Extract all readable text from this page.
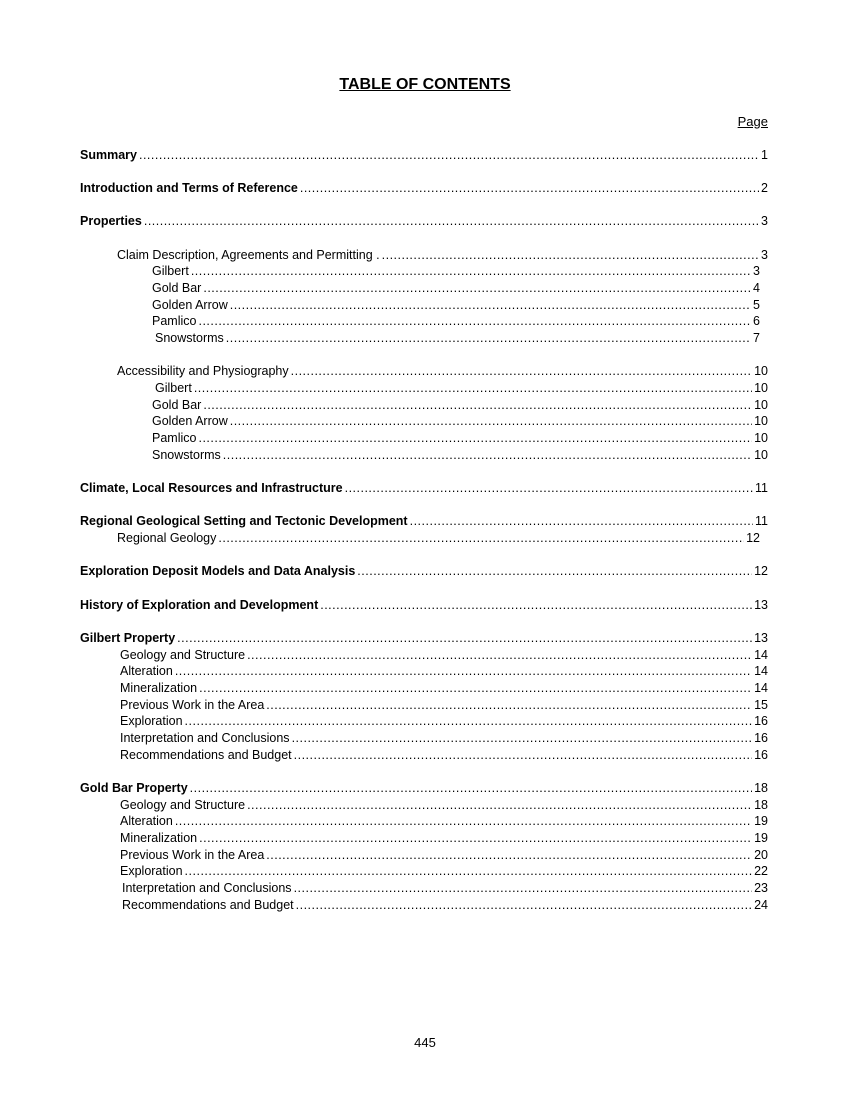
TABLE OF CONTENTS
Page
Summary .....	1
Introduction and Terms of Reference .....	2
Properties .....	3
Claim Description, Agreements and Permitting . .....	3
Gilbert .....	3
Gold Bar .....	4
Golden Arrow .....	5
Pamlico .....	6
Snowstorms .....	7
Accessibility and Physiography .....	10
Gilbert .....	10
Gold Bar .....	10
Golden Arrow .....	10
Pamlico .....	10
Snowstorms .....	10
Climate, Local Resources and Infrastructure .....	11
Regional Geological Setting and Tectonic Development .....	11
Regional Geology .....	12
Exploration Deposit Models and Data Analysis .....	12
History of Exploration and Development .....	13
Gilbert Property .....	13
Geology and Structure .....	14
Alteration .....	14
Mineralization .....	14
Previous Work in the Area .....	15
Exploration .....	16
Interpretation and Conclusions .....	16
Recommendations and Budget .....	16
Gold Bar Property .....	18
Geology and Structure .....	18
Alteration .....	19
Mineralization .....	19
Previous Work in the Area .....	20
Exploration .....	22
Interpretation and Conclusions .....	23
Recommendations and Budget .....	24
445
